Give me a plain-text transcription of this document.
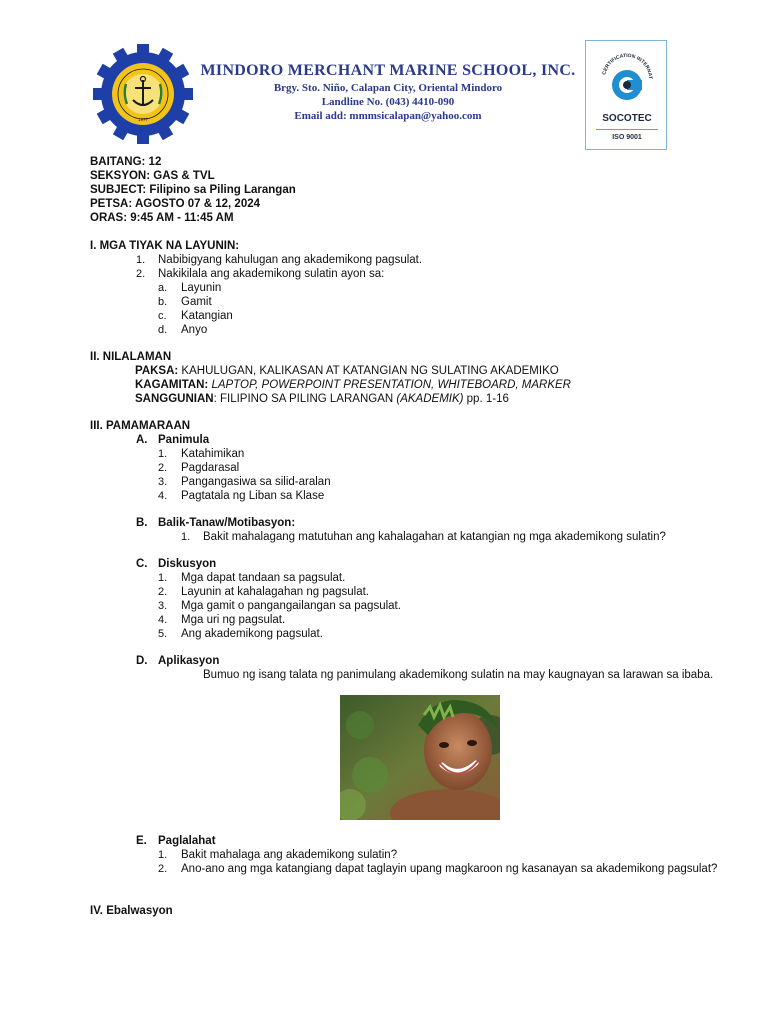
1977
MINDORO MERCHANT MARINE SCHOOL, INC.
Brgy. Sto. Niño, Calapan City, Oriental Mindoro
Landline No. (043) 4410-090
Email add: mmmsicalapan@yahoo.com
CERTIFICATION INTERNAT
SOCOTEC
ISO 9001
BAITANG: 12
SEKSYON: GAS & TVL
SUBJECT: Filipino sa Piling Larangan
PETSA: AGOSTO 07 & 12, 2024
ORAS: 9:45 AM - 11:45 AM
I. MGA TIYAK NA LAYUNIN:
1. Nabibigyang kahulugan ang akademikong pagsulat.
2. Nakikilala ang akademikong sulatin ayon sa:
a. Layunin
b. Gamit
c. Katangian
d. Anyo
II. NILALAMAN
PAKSA: KAHULUGAN, KALIKASAN AT KATANGIAN NG SULATING AKADEMIKO
KAGAMITAN: LAPTOP, POWERPOINT PRESENTATION, WHITEBOARD, MARKER
SANGGUNIAN: FILIPINO SA PILING LARANGAN (AKADEMIK) pp. 1-16
III. PAMAMARAAN
A. Panimula
1. Katahimikan
2. Pagdarasal
3. Pangangasiwa sa silid-aralan
4. Pagtatala ng Liban sa Klase
B. Balik-Tanaw/Motibasyon:
1. Bakit mahalagang matutuhan ang kahalagahan at katangian ng mga akademikong sulatin?
C. Diskusyon
1. Mga dapat tandaan sa pagsulat.
2. Layunin at kahalagahan ng pagsulat.
3. Mga gamit o pangangailangan sa pagsulat.
4. Mga uri ng pagsulat.
5. Ang akademikong pagsulat.
D. Aplikasyon
Bumuo ng isang talata ng panimulang akademikong sulatin na may kaugnayan sa larawan sa ibaba.
E. Paglalahat
1. Bakit mahalaga ang akademikong sulatin?
2. Ano-ano ang mga katangiang dapat taglayin upang magkaroon ng kasanayan sa akademikong pagsulat?
IV. Ebalwasyon
